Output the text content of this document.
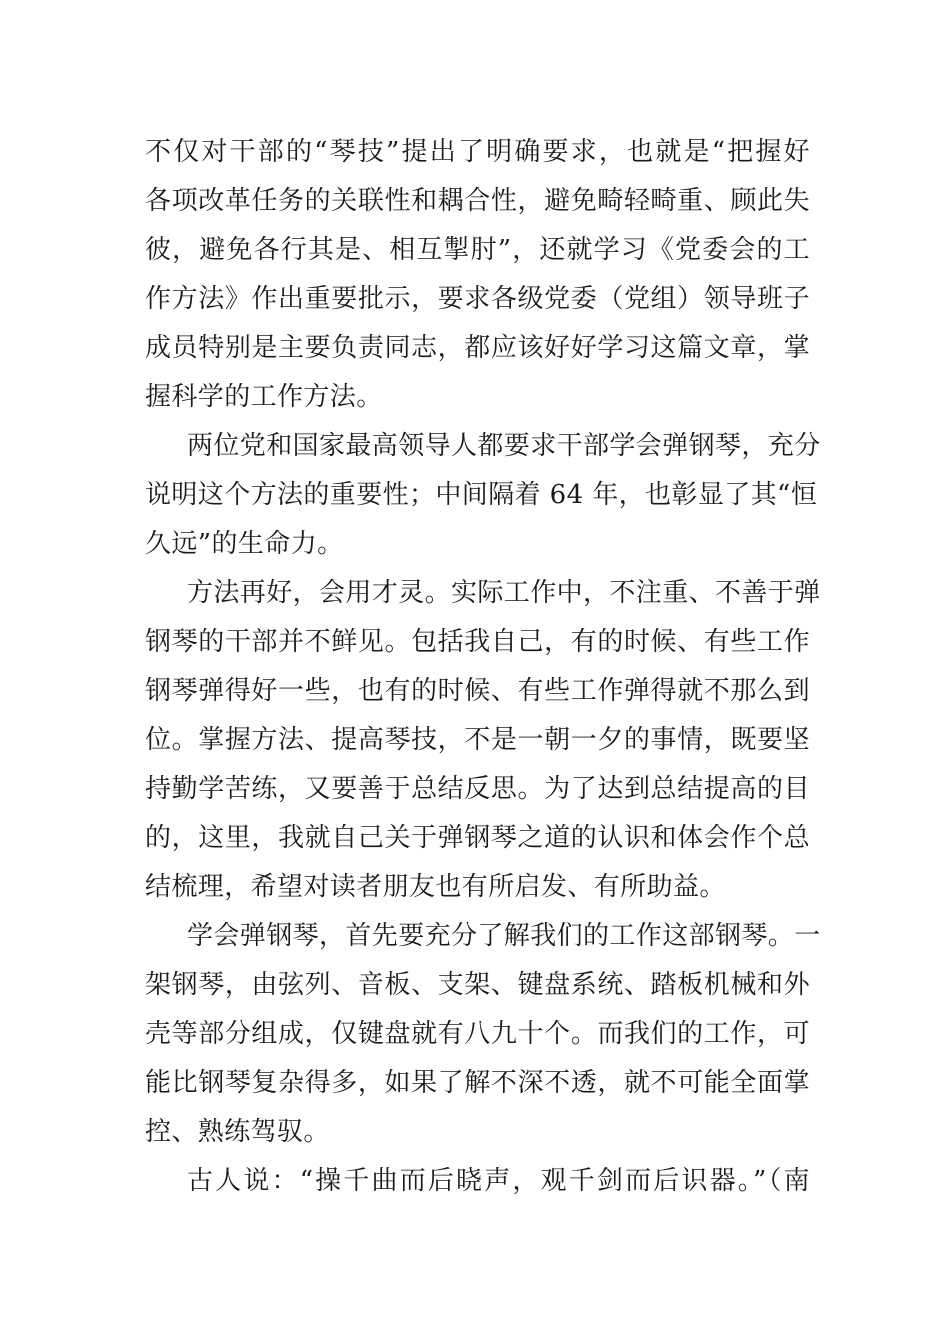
不仅对干部的“琴技”提出了明确要求，也就是“把握好
各项改革任务的关联性和耦合性，避免畸轻畸重、顾此失
彼，避免各行其是、相互掣肘”，还就学习《党委会的工
作方法》作出重要批示，要求各级党委（党组）领导班子
成员特别是主要负责同志，都应该好好学习这篇文章，掌
握科学的工作方法。
两位党和国家最高领导人都要求干部学会弹钢琴，充分
说明这个方法的重要性；中间隔着 64 年，也彰显了其“恒
久远”的生命力。
方法再好，会用才灵。实际工作中，不注重、不善于弹
钢琴的干部并不鲜见。包括我自己，有的时候、有些工作
钢琴弹得好一些，也有的时候、有些工作弹得就不那么到
位。掌握方法、提高琴技，不是一朝一夕的事情，既要坚
持勤学苦练，又要善于总结反思。为了达到总结提高的目
的，这里，我就自己关于弹钢琴之道的认识和体会作个总
结梳理，希望对读者朋友也有所启发、有所助益。
学会弹钢琴，首先要充分了解我们的工作这部钢琴。一
架钢琴，由弦列、音板、支架、键盘系统、踏板机械和外
壳等部分组成，仅键盘就有八九十个。而我们的工作，可
能比钢琴复杂得多，如果了解不深不透，就不可能全面掌
控、熟练驾驭。
古人说：“操千曲而后晓声，观千剑而后识器。”（南
